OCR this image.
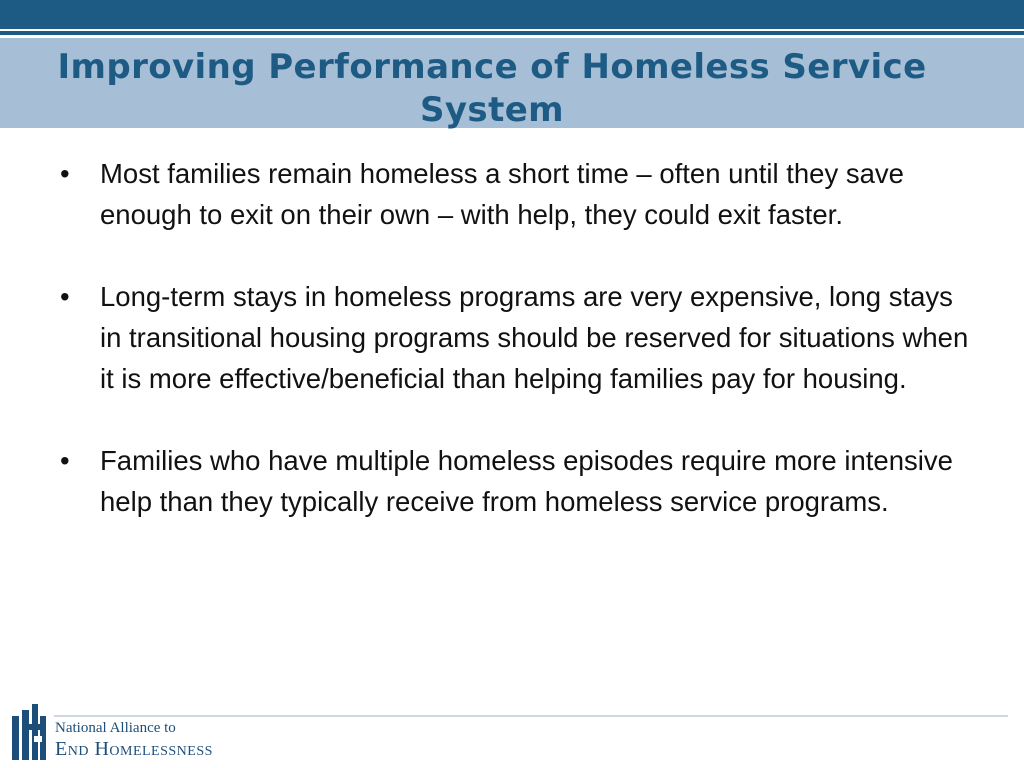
Improving Performance of Homeless Service System
•	Most families remain homeless a short time – often until they save enough to exit on their own – with help, they could exit faster.
•	Long-term stays in homeless programs are very expensive, long stays in transitional housing programs should be reserved for situations when it is more effective/beneficial than helping families pay for housing.
•	Families who have multiple homeless episodes require more intensive help than they typically receive from homeless service programs.
National Alliance to
End Homelessness
